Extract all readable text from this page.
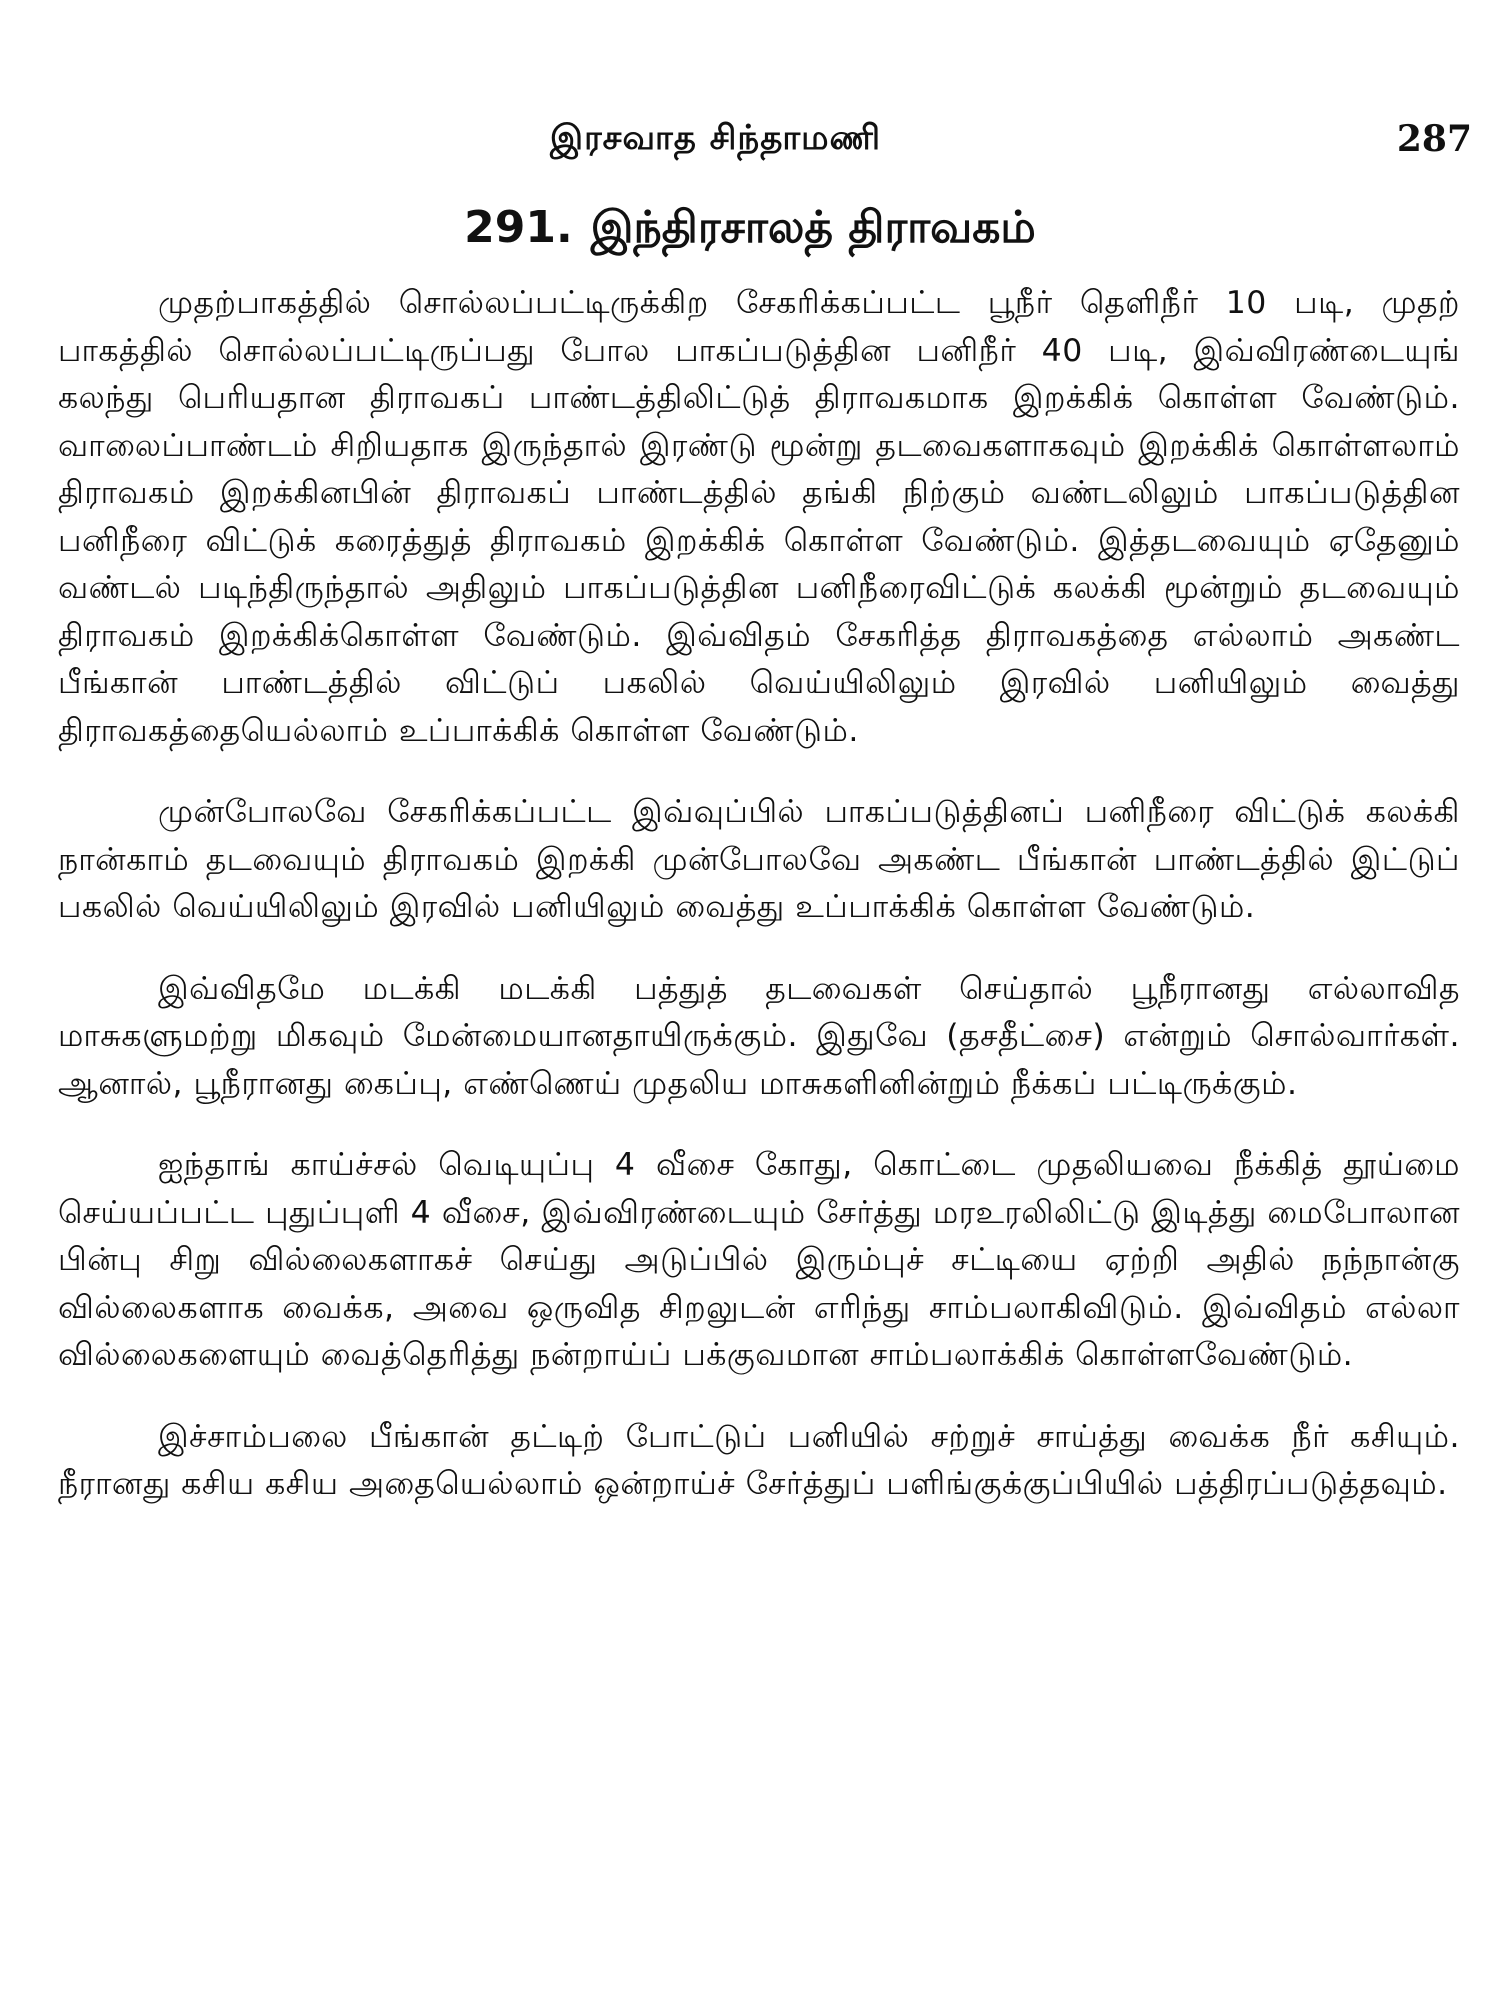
இரசவாத சிந்தாமணி	287
291. இந்திரசாலத் திராவகம்

முதற்பாகத்தில் சொல்லப்பட்டிருக்கிற சேகரிக்கப்பட்ட பூநீர் தெளிநீர் 10 படி, முதற் பாகத்தில் சொல்லப்பட்டிருப்பது போல பாகப்படுத்தின பனிநீர் 40 படி, இவ்விரண்டையுங் கலந்து பெரியதான திராவகப் பாண்டத்திலிட்டுத் திராவகமாக இறக்கிக் கொள்ள வேண்டும். வாலைப்பாண்டம் சிறியதாக இருந்தால் இரண்டு மூன்று தடவைகளாகவும் இறக்கிக் கொள்ளலாம் திராவகம் இறக்கினபின் திராவகப் பாண்டத்தில் தங்கி நிற்கும் வண்டலிலும் பாகப்படுத்தின பனிநீரை விட்டுக் கரைத்துத் திராவகம் இறக்கிக் கொள்ள வேண்டும். இத்தடவையும் ஏதேனும் வண்டல் படிந்திருந்தால் அதிலும் பாகப்படுத்தின பனிநீரைவிட்டுக் கலக்கி மூன்றும் தடவையும் திராவகம் இறக்கிக்கொள்ள வேண்டும். இவ்விதம் சேகரித்த திராவகத்தை எல்லாம் அகண்ட பீங்கான் பாண்டத்தில் விட்டுப் பகலில் வெய்யிலிலும் இரவில் பனியிலும் வைத்து திராவகத்தையெல்லாம் உப்பாக்கிக் கொள்ள வேண்டும்.

முன்போலவே சேகரிக்கப்பட்ட இவ்வுப்பில் பாகப்படுத்தினப் பனிநீரை விட்டுக் கலக்கி நான்காம் தடவையும் திராவகம் இறக்கி முன்போலவே அகண்ட பீங்கான் பாண்டத்தில் இட்டுப் பகலில் வெய்யிலிலும் இரவில் பனியிலும் வைத்து உப்பாக்கிக் கொள்ள வேண்டும்.

இவ்விதமே மடக்கி மடக்கி பத்துத் தடவைகள் செய்தால் பூநீரானது எல்லாவித மாசுகளுமற்று மிகவும் மேன்மையானதாயிருக்கும். இதுவே (தசதீட்சை) என்றும் சொல்வார்கள். ஆனால், பூநீரானது கைப்பு, எண்ணெய் முதலிய மாசுகளினின்றும் நீக்கப் பட்டிருக்கும்.

ஐந்தாங் காய்ச்சல் வெடியுப்பு 4 வீசை கோது, கொட்டை முதலியவை நீக்கித் தூய்மை செய்யப்பட்ட புதுப்புளி 4 வீசை, இவ்விரண்டையும் சேர்த்து மரஉரலிலிட்டு இடித்து மைபோலான பின்பு சிறு வில்லைகளாகச் செய்து அடுப்பில் இரும்புச் சட்டியை ஏற்றி அதில் நந்நான்கு வில்லைகளாக வைக்க, அவை ஒருவித சிறலுடன் எரிந்து சாம்பலாகிவிடும். இவ்விதம் எல்லா வில்லைகளையும் வைத்தெரித்து நன்றாய்ப் பக்குவமான சாம்பலாக்கிக் கொள்ளவேண்டும்.

இச்சாம்பலை பீங்கான் தட்டிற் போட்டுப் பனியில் சற்றுச் சாய்த்து வைக்க நீர் கசியும். நீரானது கசிய கசிய அதையெல்லாம் ஒன்றாய்ச் சேர்த்துப் பளிங்குக்குப்பியில் பத்திரப்படுத்தவும்.
